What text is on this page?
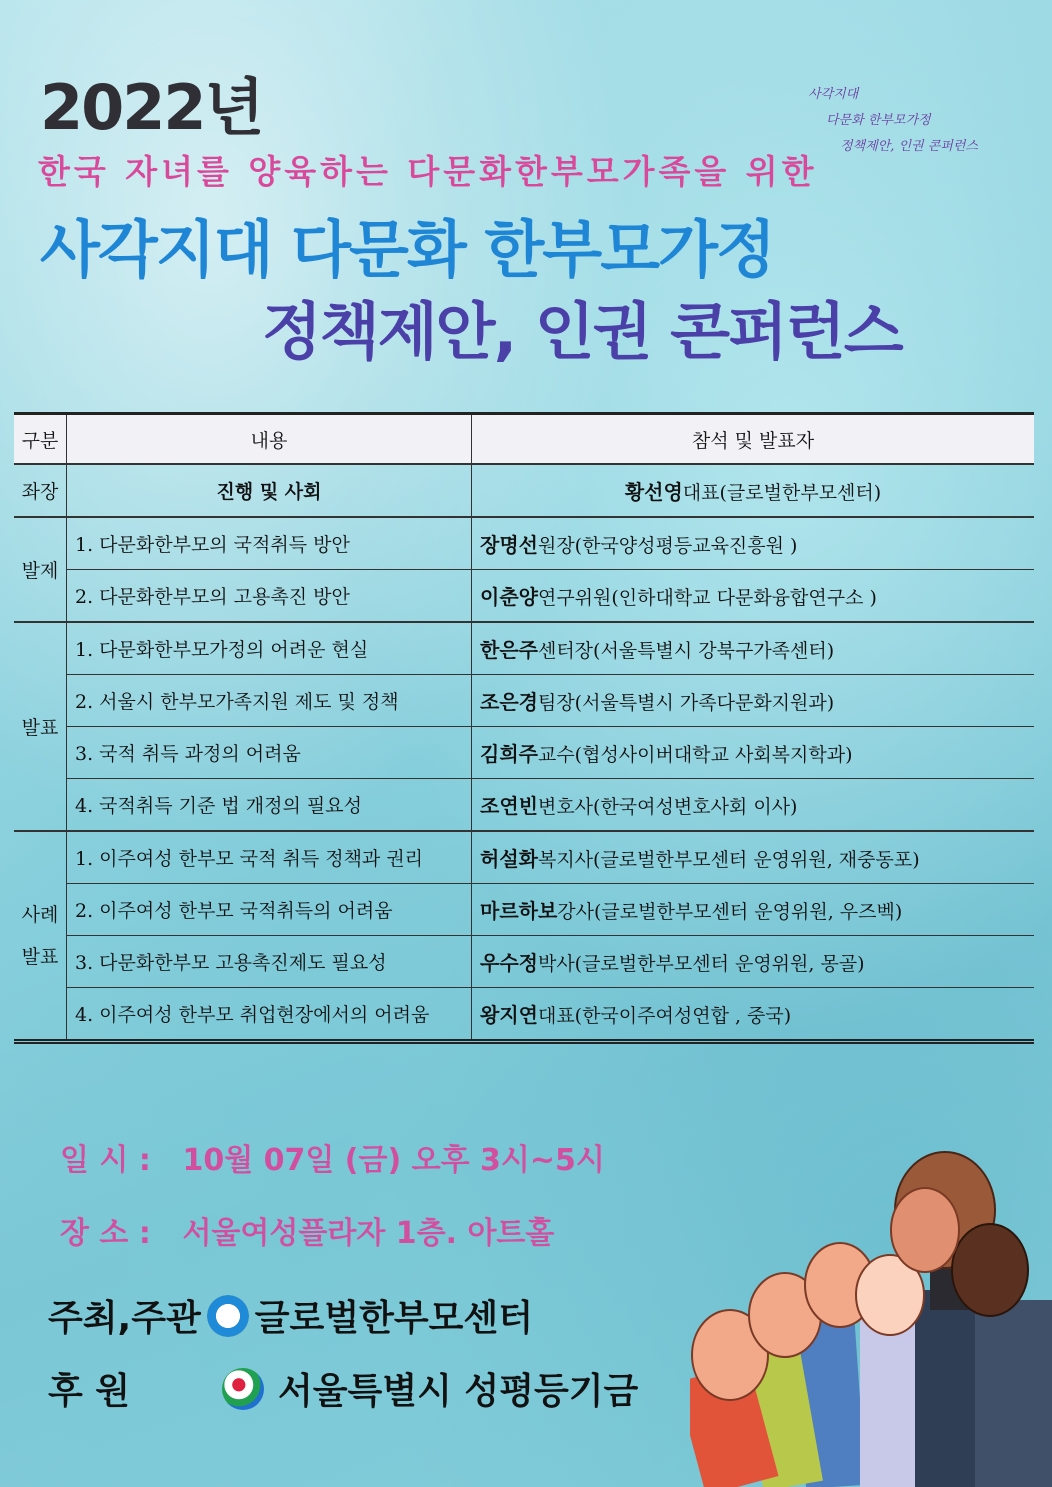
2022년
한국 자녀를 양육하는 다문화한부모가족을 위한
사각지대 다문화 한부모가정
정책제안, 인권 콘퍼런스
사각지대
다문화 한부모가정
정책제안, 인권 콘퍼런스
구분	내용	참석 및 발표자
좌장	진행 및 사회	황선영대표(글로벌한부모센터)
발제	1. 다문화한부모의 국적취득 방안	장명선원장(한국양성평등교육진흥원 )
	2. 다문화한부모의 고용촉진 방안	이춘양연구위원(인하대학교 다문화융합연구소 )
발표	1. 다문화한부모가정의 어려운 현실	한은주센터장(서울특별시 강북구가족센터)
	2. 서울시 한부모가족지원 제도 및 정책	조은경팀장(서울특별시 가족다문화지원과)
	3. 국적 취득 과정의 어려움	김희주교수(협성사이버대학교 사회복지학과)
	4. 국적취득 기준 법 개정의 필요성	조연빈변호사(한국여성변호사회 이사)
사례 발표	1. 이주여성 한부모 국적 취득 정책과 권리	허설화복지사(글로벌한부모센터 운영위원, 재중동포)
	2. 이주여성 한부모 국적취득의 어려움	마르하보강사(글로벌한부모센터 운영위원, 우즈벡)
	3. 다문화한부모 고용촉진제도 필요성	우수정박사(글로벌한부모센터 운영위원, 몽골)
	4. 이주여성 한부모 취업현장에서의 어려움	왕지연대표(한국이주여성연합 , 중국)
일 시 : 10월 07일 (금) 오후 3시~5시
장 소 : 서울여성플라자 1층. 아트홀
주최,주관 글로벌한부모센터
후 원	서울특별시 성평등기금
